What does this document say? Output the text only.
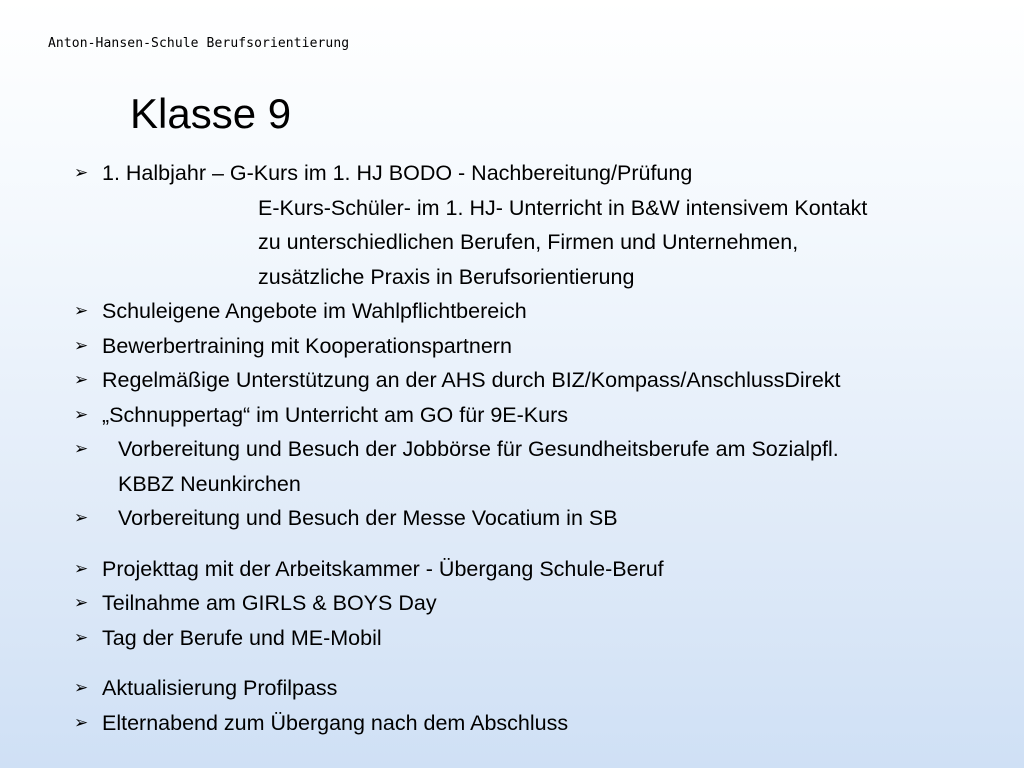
Anton-Hansen-Schule Berufsorientierung
Klasse 9
➢ 1. Halbjahr – G-Kurs im 1. HJ BODO - Nachbereitung/Prüfung
E-Kurs-Schüler- im 1. HJ- Unterricht in B&W intensivem Kontakt
zu unterschiedlichen Berufen, Firmen und Unternehmen,
zusätzliche Praxis in Berufsorientierung
➢ Schuleigene Angebote im Wahlpflichtbereich
➢ Bewerbertraining mit Kooperationspartnern
➢ Regelmäßige Unterstützung an der AHS durch BIZ/Kompass/AnschlussDirekt
➢ „Schnuppertag“ im Unterricht am GO für 9E-Kurs
➢	Vorbereitung und Besuch der Jobbörse für Gesundheitsberufe am Sozialpfl.
KBBZ Neunkirchen
➢	Vorbereitung und Besuch der Messe Vocatium in SB
➢ Projekttag mit der Arbeitskammer - Übergang Schule-Beruf
➢ Teilnahme am GIRLS & BOYS Day
➢ Tag der Berufe und ME-Mobil
➢ Aktualisierung Profilpass
➢ Elternabend zum Übergang nach dem Abschluss
